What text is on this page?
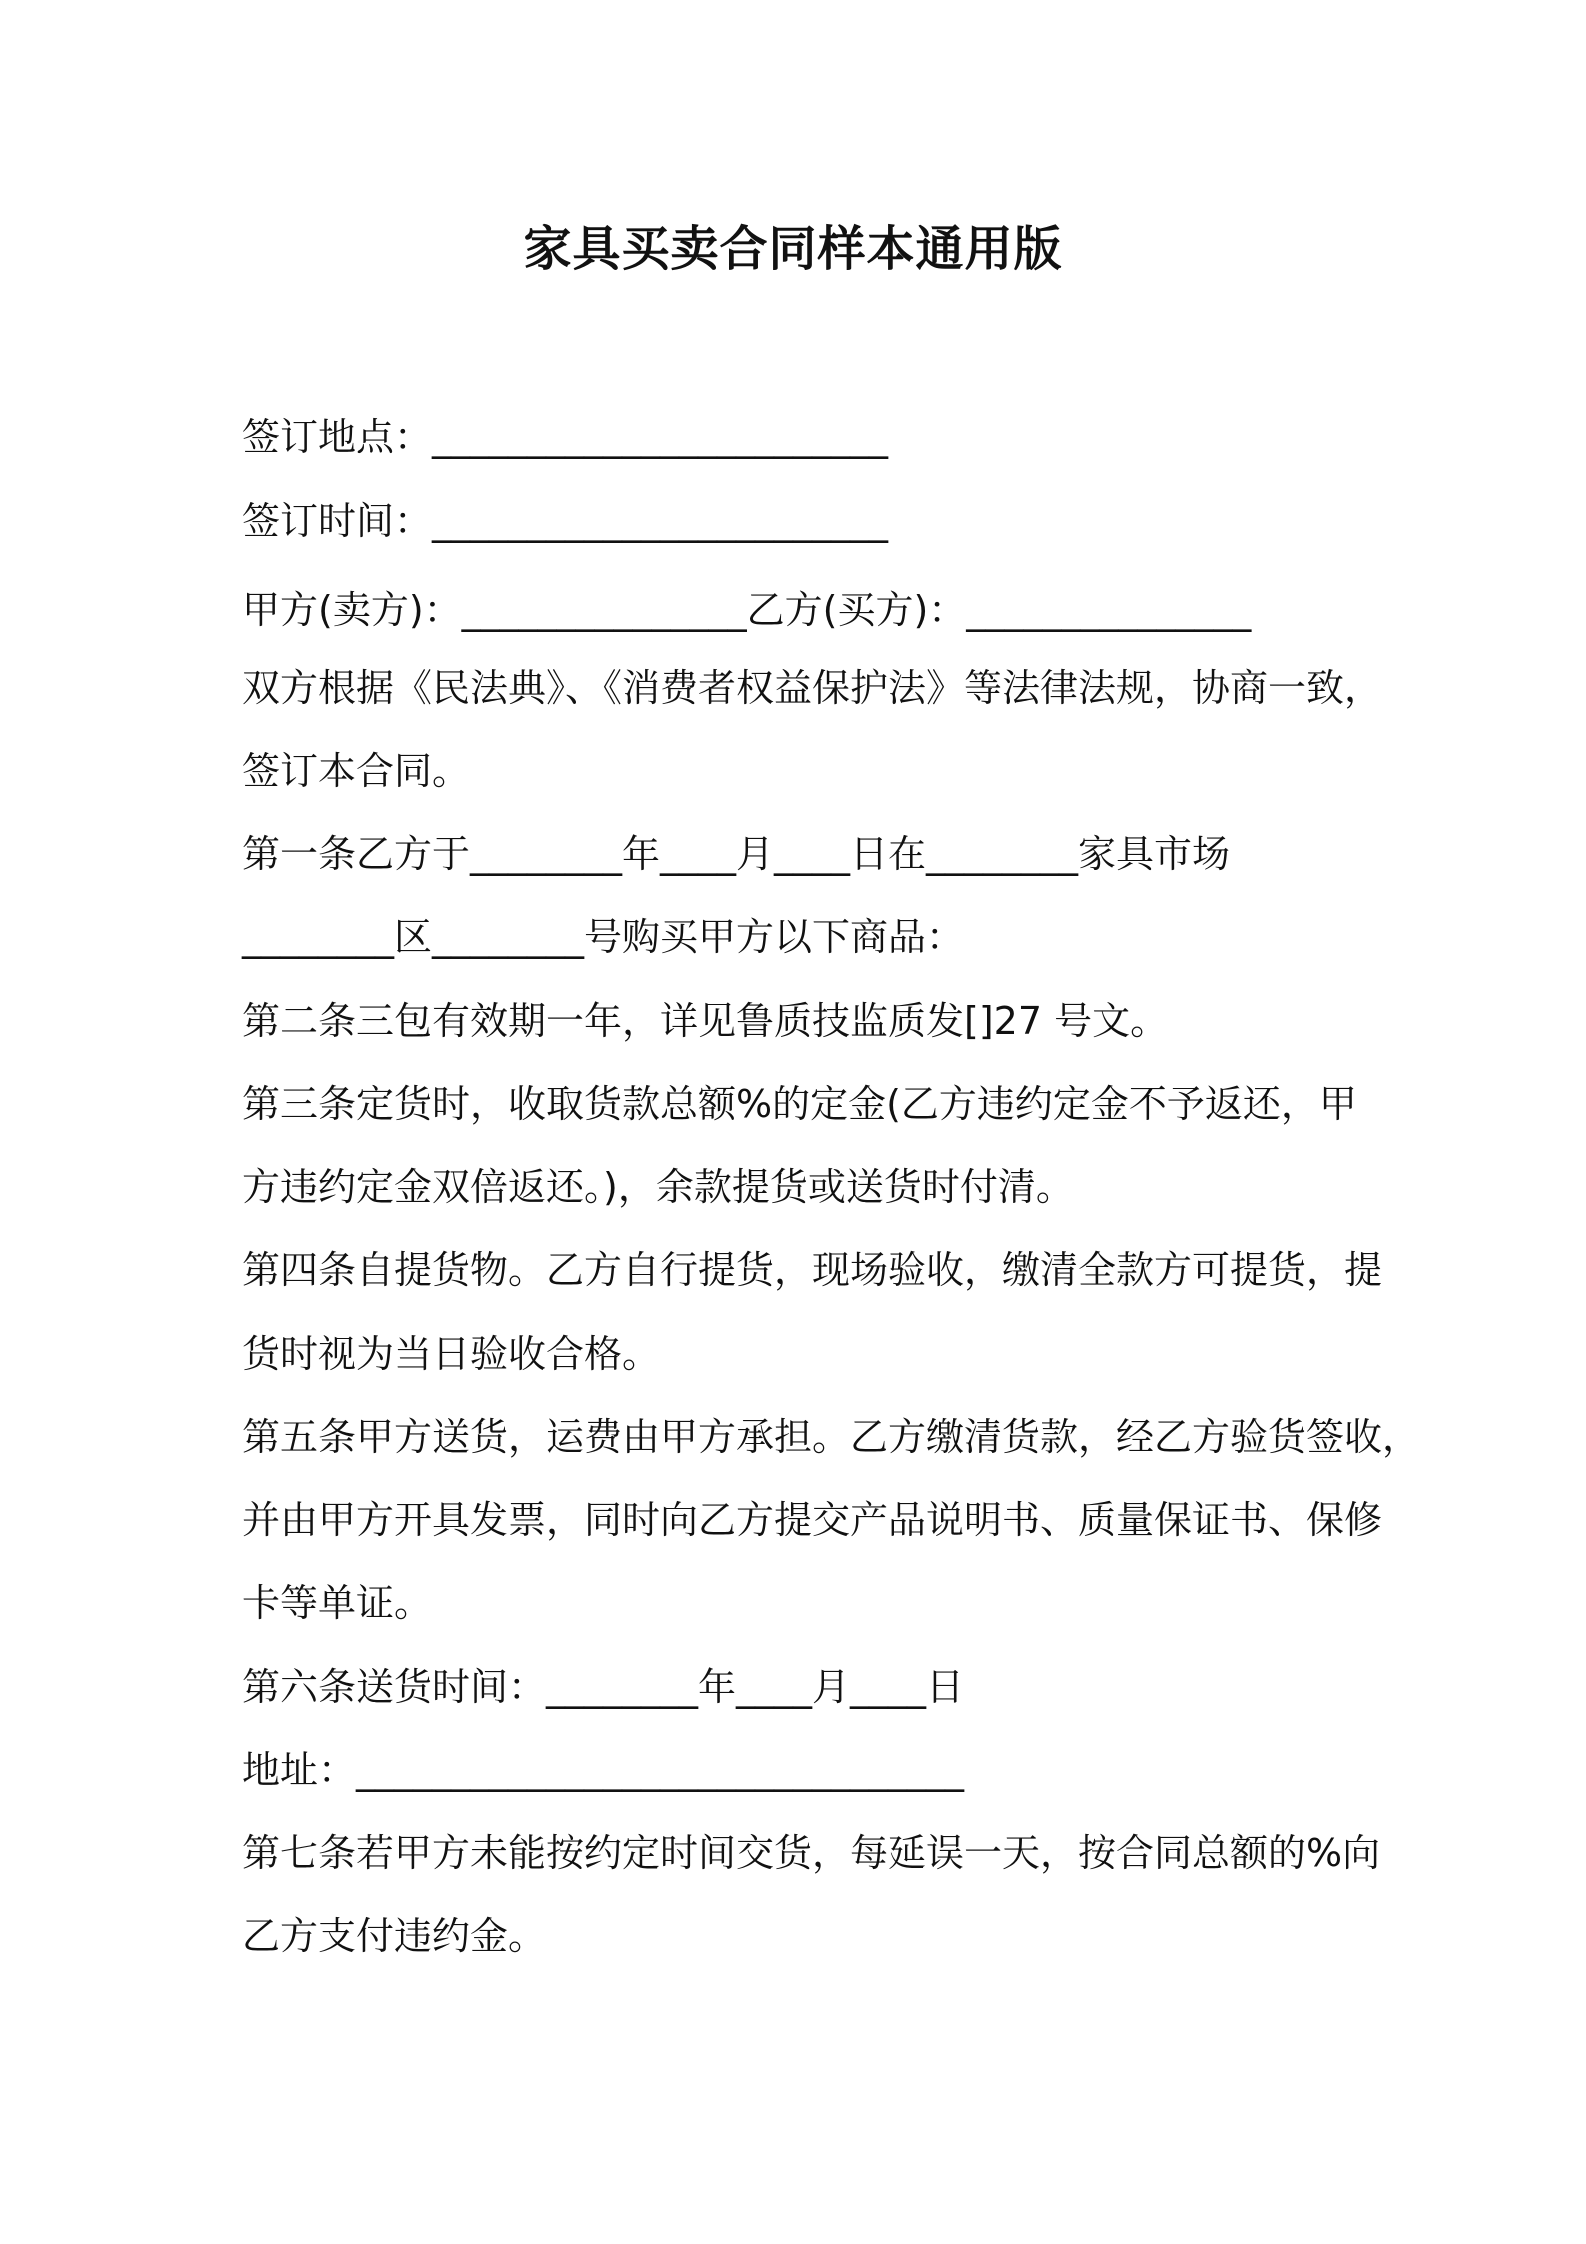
家具买卖合同样本通用版
签订地点：________________________
签订时间：________________________
甲方(卖方)：_______________乙方(买方)：_______________
双方根据《民法典》、《消费者权益保护法》等法律法规，协商一致，
签订本合同。
第一条乙方于________年____月____日在________家具市场
________区________号购买甲方以下商品：
第二条三包有效期一年，详见鲁质技监质发[]27 号文。
第三条定货时，收取货款总额%的定金(乙方违约定金不予返还，甲
方违约定金双倍返还。)，余款提货或送货时付清。
第四条自提货物。乙方自行提货，现场验收，缴清全款方可提货，提
货时视为当日验收合格。
第五条甲方送货，运费由甲方承担。乙方缴清货款，经乙方验货签收，
并由甲方开具发票，同时向乙方提交产品说明书、质量保证书、保修
卡等单证。
第六条送货时间：________年____月____日
地址：________________________________
第七条若甲方未能按约定时间交货，每延误一天，按合同总额的%向
乙方支付违约金。
